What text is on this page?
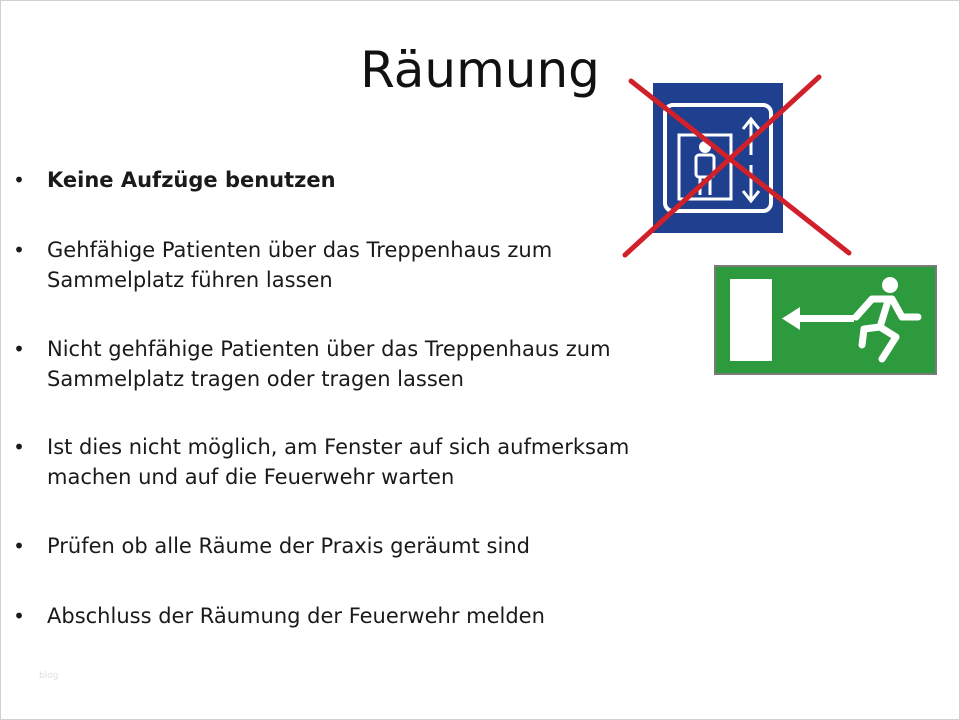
Räumung
• Keine Aufzüge benutzen
• Gehfähige Patienten über das Treppenhaus zum
Sammelplatz führen lassen
• Nicht gehfähige Patienten über das Treppenhaus zum
Sammelplatz tragen oder tragen lassen
• Ist dies nicht möglich, am Fenster auf sich aufmerksam
machen und auf die Feuerwehr warten
• Prüfen ob alle Räume der Praxis geräumt sind
• Abschluss der Räumung der Feuerwehr melden
blog
